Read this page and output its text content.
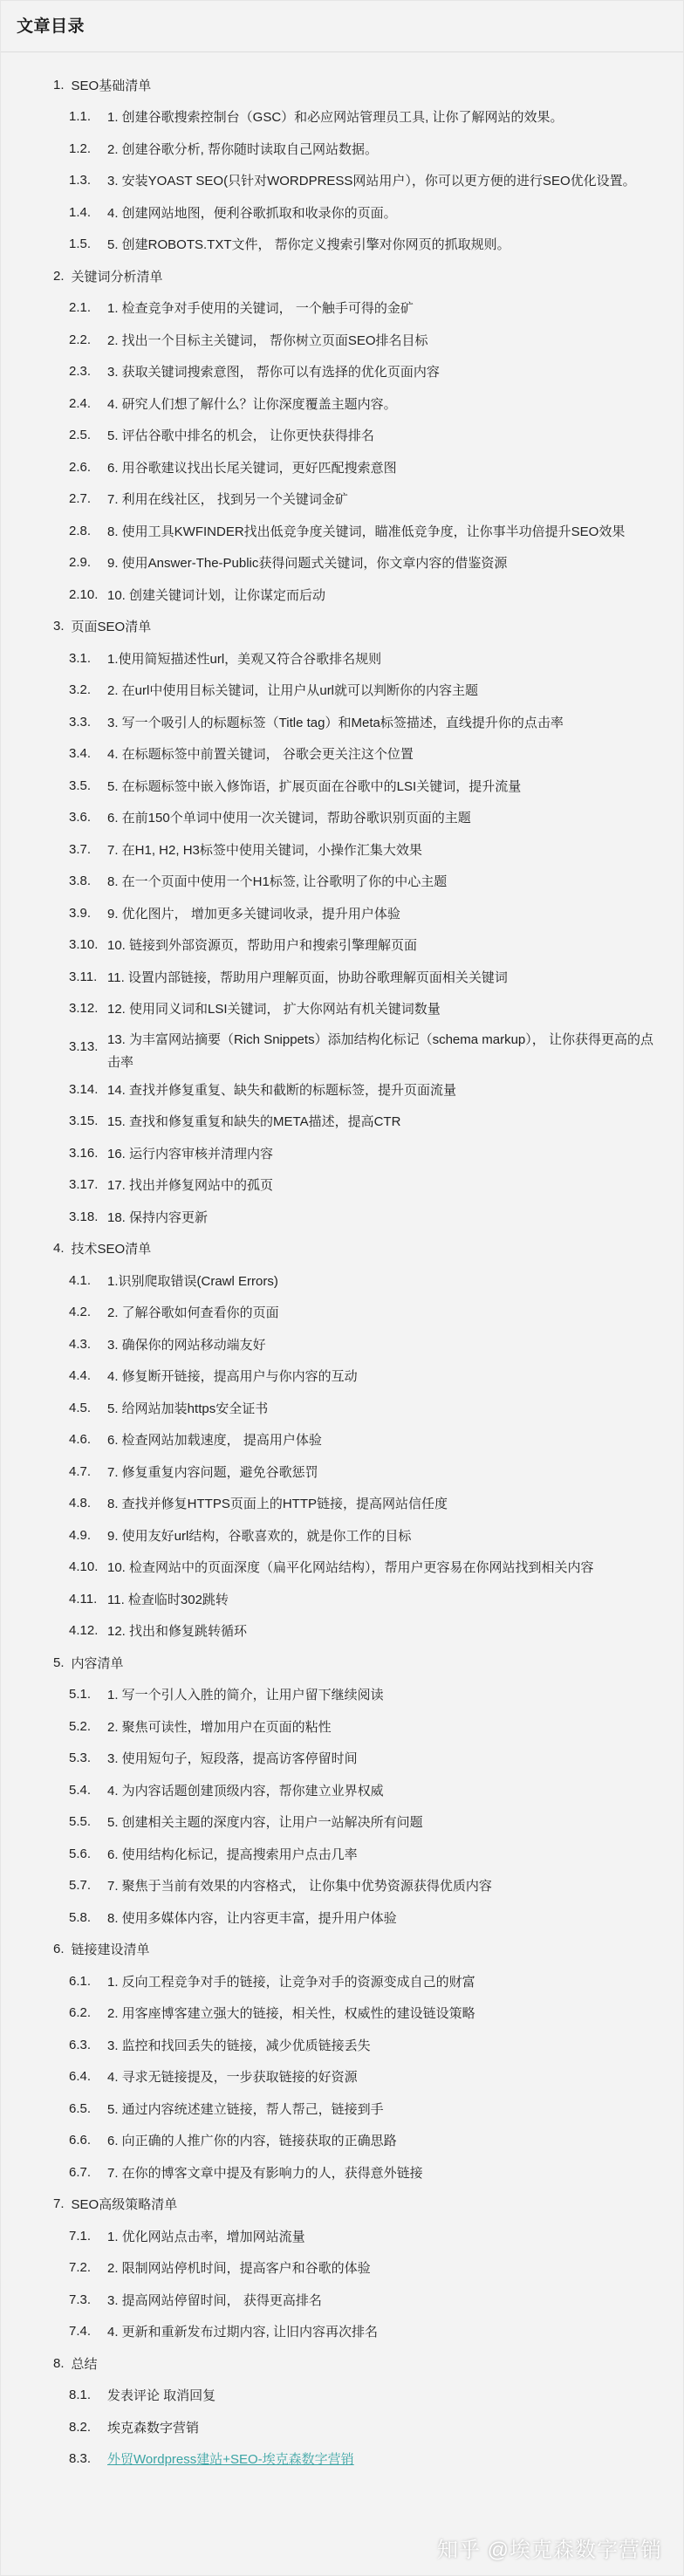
文章目录
1. SEO基础清单
1.1.	1. 创建谷歌搜索控制台（GSC）和必应网站管理员工具, 让你了解网站的效果。
1.2.	2. 创建谷歌分析, 帮你随时读取自己网站数据。
1.3.	3. 安装YOAST SEO(只针对WORDPRESS网站用户），你可以更方便的进行SEO优化设置。
1.4.	4. 创建网站地图，便利谷歌抓取和收录你的页面。
1.5.	5. 创建ROBOTS.TXT文件， 帮你定义搜索引擎对你网页的抓取规则。
2. 关键词分析清单
2.1.	1. 检查竞争对手使用的关键词， 一个触手可得的金矿
2.2.	2. 找出一个目标主关键词， 帮你树立页面SEO排名目标
2.3.	3. 获取关键词搜索意图， 帮你可以有选择的优化页面内容
2.4.	4. 研究人们想了解什么？让你深度覆盖主题内容。
2.5.	5. 评估谷歌中排名的机会， 让你更快获得排名
2.6.	6. 用谷歌建议找出长尾关键词，更好匹配搜索意图
2.7.	7. 利用在线社区， 找到另一个关键词金矿
2.8.	8. 使用工具KWFINDER找出低竞争度关键词，瞄准低竞争度，让你事半功倍提升SEO效果
2.9.	9. 使用Answer-The-Public获得问题式关键词，你文章内容的借鉴资源
2.10. 10. 创建关键词计划，让你谋定而后动
3. 页面SEO清单
3.1.	1.使用简短描述性url，美观又符合谷歌排名规则
3.2.	2. 在url中使用目标关键词，让用户从url就可以判断你的内容主题
3.3.	3. 写一个吸引人的标题标签（Title tag）和Meta标签描述，直线提升你的点击率
3.4.	4. 在标题标签中前置关键词， 谷歌会更关注这个位置
3.5.	5. 在标题标签中嵌入修饰语，扩展页面在谷歌中的LSI关键词，提升流量
3.6.	6. 在前150个单词中使用一次关键词，帮助谷歌识别页面的主题
3.7.	7. 在H1, H2, H3标签中使用关键词，小操作汇集大效果
3.8.	8. 在一个页面中使用一个H1标签, 让谷歌明了你的中心主题
3.9.	9. 优化图片， 增加更多关键词收录，提升用户体验
3.10. 10. 链接到外部资源页，帮助用户和搜索引擎理解页面
3.11. 11. 设置内部链接，帮助用户理解页面，协助谷歌理解页面相关关键词
3.12. 12. 使用同义词和LSI关键词， 扩大你网站有机关键词数量
3.13. 13. 为丰富网站摘要（Rich Snippets）添加结构化标记（schema markup）， 让你获得更高的点击率
3.14. 14. 查找并修复重复、缺失和截断的标题标签，提升页面流量
3.15. 15. 查找和修复重复和缺失的META描述，提高CTR
3.16. 16. 运行内容审核并清理内容
3.17. 17. 找出并修复网站中的孤页
3.18. 18. 保持内容更新
4. 技术SEO清单
4.1.	1.识别爬取错误(Crawl Errors)
4.2.	2. 了解谷歌如何查看你的页面
4.3.	3. 确保你的网站移动端友好
4.4.	4. 修复断开链接，提高用户与你内容的互动
4.5.	5. 给网站加装https安全证书
4.6.	6. 检查网站加载速度， 提高用户体验
4.7.	7. 修复重复内容问题，避免谷歌惩罚
4.8.	8. 查找并修复HTTPS页面上的HTTP链接，提高网站信任度
4.9.	9. 使用友好url结构，谷歌喜欢的，就是你工作的目标
4.10. 10. 检查网站中的页面深度（扁平化网站结构），帮用户更容易在你网站找到相关内容
4.11. 11. 检查临时302跳转
4.12. 12. 找出和修复跳转循环
5. 内容清单
5.1.	1. 写一个引人入胜的简介，让用户留下继续阅读
5.2.	2. 聚焦可读性，增加用户在页面的粘性
5.3.	3. 使用短句子，短段落，提高访客停留时间
5.4.	4. 为内容话题创建顶级内容，帮你建立业界权威
5.5.	5. 创建相关主题的深度内容，让用户一站解决所有问题
5.6.	6. 使用结构化标记，提高搜索用户点击几率
5.7.	7. 聚焦于当前有效果的内容格式， 让你集中优势资源获得优质内容
5.8.	8. 使用多媒体内容，让内容更丰富，提升用户体验
6. 链接建设清单
6.1.	1. 反向工程竞争对手的链接，让竞争对手的资源变成自己的财富
6.2.	2. 用客座博客建立强大的链接，相关性，权威性的建设链设策略
6.3.	3. 监控和找回丢失的链接，减少优质链接丢失
6.4.	4. 寻求无链接提及，一步获取链接的好资源
6.5.	5. 通过内容统述建立链接，帮人帮己，链接到手
6.6.	6. 向正确的人推广你的内容，链接获取的正确思路
6.7.	7. 在你的博客文章中提及有影响力的人，获得意外链接
7. SEO高级策略清单
7.1.	1. 优化网站点击率，增加网站流量
7.2.	2. 限制网站停机时间，提高客户和谷歌的体验
7.3.	3. 提高网站停留时间， 获得更高排名
7.4.	4. 更新和重新发布过期内容, 让旧内容再次排名
8. 总结
8.1.	发表评论 取消回复
8.2.	埃克森数字营销
8.3.	外贸Wordpress建站+SEO-埃克森数字营销
知乎 @埃克森数字营销
